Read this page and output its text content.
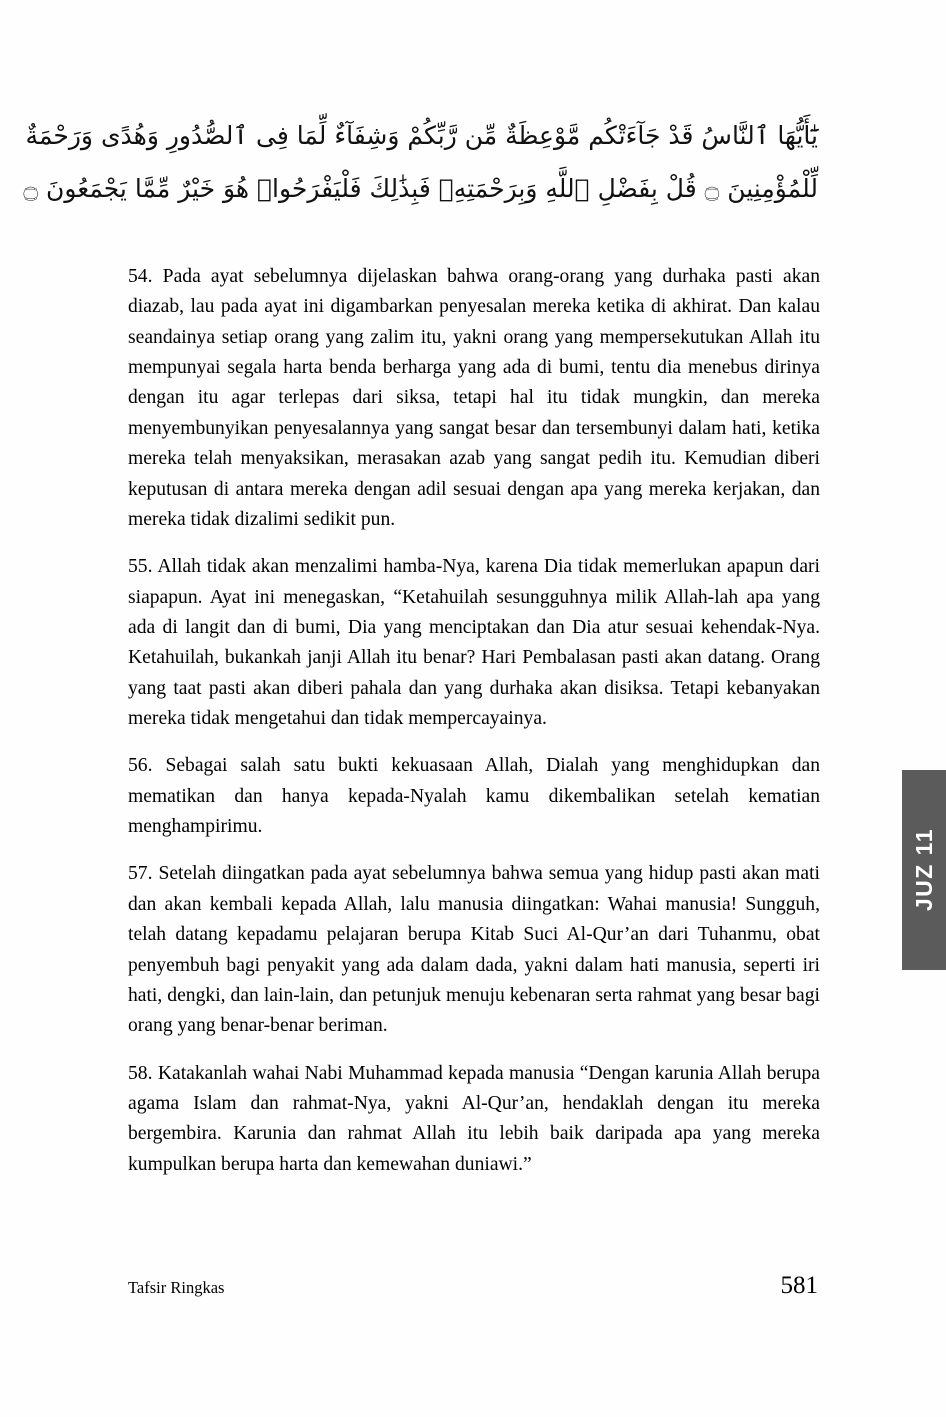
يَٰٓأَيُّهَا ٱلنَّاسُ قَدْ جَآءَتْكُم مَّوْعِظَةٌ مِّن رَّبِّكُمْ وَشِفَآءٌ لِّمَا فِى ٱلصُّدُورِ وَهُدًى وَرَحْمَةٌ
لِّلْمُؤْمِنِينَ ۝ قُلْ بِفَضْلِ ٱللَّهِ وَبِرَحْمَتِهِۦ فَبِذَٰلِكَ فَلْيَفْرَحُوا۟ هُوَ خَيْرٌ مِّمَّا يَجْمَعُونَ ۝

54. Pada ayat sebelumnya dijelaskan bahwa orang-orang yang durhaka pasti akan diazab, lau pada ayat ini digambarkan penyesalan mereka ketika di akhirat. Dan kalau seandainya setiap orang yang zalim itu, yakni orang yang mempersekutukan Allah itu mempunyai segala harta benda berharga yang ada di bumi, tentu dia menebus dirinya dengan itu agar terlepas dari siksa, tetapi hal itu tidak mungkin, dan mereka menyembunyikan penyesalannya yang sangat besar dan tersembunyi dalam hati, ketika mereka telah menyaksikan, merasakan azab yang sangat pedih itu. Kemudian diberi keputusan di antara mereka dengan adil sesuai dengan apa yang mereka kerjakan, dan mereka tidak dizalimi sedikit pun.

55. Allah tidak akan menzalimi hamba-Nya, karena Dia tidak memerlukan apapun dari siapapun. Ayat ini menegaskan, “Ketahuilah sesungguhnya milik Allah-lah apa yang ada di langit dan di bumi, Dia yang menciptakan dan Dia atur sesuai kehendak-Nya. Ketahuilah, bukankah janji Allah itu benar? Hari Pembalasan pasti akan datang. Orang yang taat pasti akan diberi pahala dan yang durhaka akan disiksa. Tetapi kebanyakan mereka tidak mengetahui dan tidak mempercayainya.

56. Sebagai salah satu bukti kekuasaan Allah, Dialah yang menghidupkan dan mematikan dan hanya kepada-Nyalah kamu dikembalikan setelah kematian menghampirimu.

57. Setelah diingatkan pada ayat sebelumnya bahwa semua yang hidup pasti akan mati dan akan kembali kepada Allah, lalu manusia diingatkan: Wahai manusia! Sungguh, telah datang kepadamu pelajaran berupa Kitab Suci Al-Qur’an dari Tuhanmu, obat penyembuh bagi penyakit yang ada dalam dada, yakni dalam hati manusia, seperti iri hati, dengki, dan lain-lain, dan petunjuk menuju kebenaran serta rahmat yang besar bagi orang yang benar-benar beriman.

58. Katakanlah wahai Nabi Muhammad kepada manusia “Dengan karunia Allah berupa agama Islam dan rahmat-Nya, yakni Al-Qur’an, hendaklah dengan itu mereka bergembira. Karunia dan rahmat Allah itu lebih baik daripada apa yang mereka kumpulkan berupa harta dan kemewahan duniawi.”

JUZ 11
Tafsir Ringkas	581
